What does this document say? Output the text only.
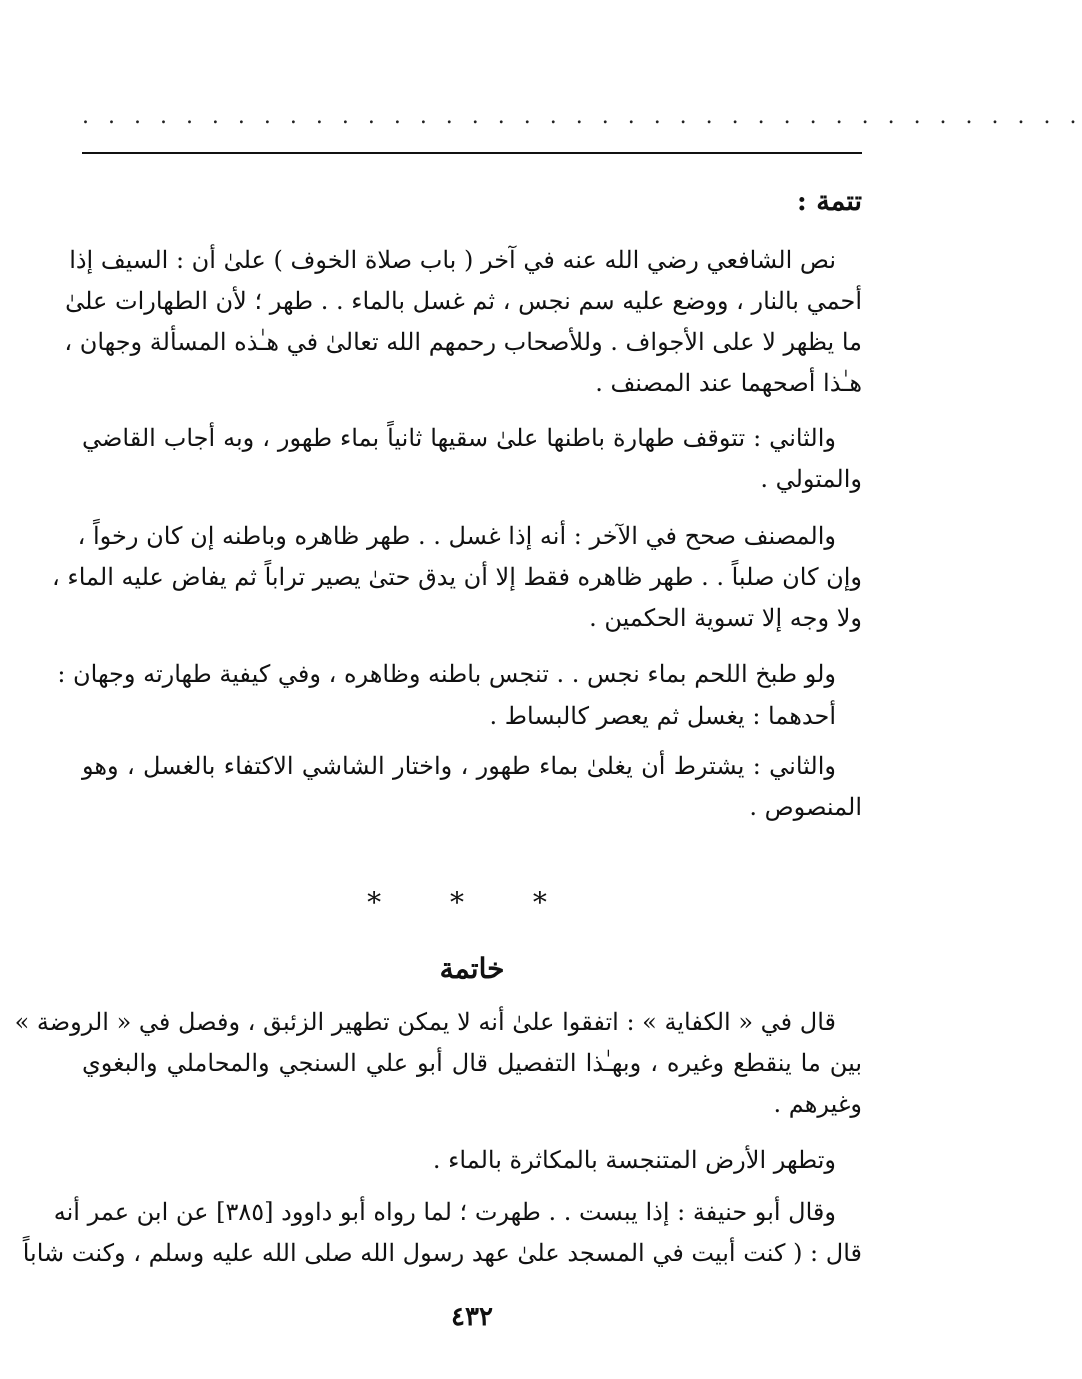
. . . . . . . . . . . . . . . . . . . . . . . . . . . . . . . . . . . . . . .
تتمة :
نص الشافعي رضي الله عنه في آخر ( باب صلاة الخوف ) علىٰ أن : السيف إذا
أحمي بالنار ، ووضع عليه سم نجس ، ثم غسل بالماء . . طهر ؛ لأن الطهارات علىٰ
ما يظهر لا على الأجواف . وللأصحاب رحمهم الله تعالىٰ في هـٰذه المسألة وجهان ،
هـٰذا أصحهما عند المصنف .
والثاني : تتوقف طهارة باطنها علىٰ سقيها ثانياً بماء طهور ، وبه أجاب القاضي
والمتولي .
والمصنف صحح في الآخر : أنه إذا غسل . . طهر ظاهره وباطنه إن كان رخواً ،
وإن كان صلباً . . طهر ظاهره فقط إلا أن يدق حتىٰ يصير تراباً ثم يفاض عليه الماء ،
ولا وجه إلا تسوية الحكمين .
ولو طبخ اللحم بماء نجس . . تنجس باطنه وظاهره ، وفي كيفية طهارته وجهان :
أحدهما : يغسل ثم يعصر كالبساط .
والثاني : يشترط أن يغلىٰ بماء طهور ، واختار الشاشي الاكتفاء بالغسل ، وهو
المنصوص .
* * *
خاتمة
قال في « الكفاية » : اتفقوا علىٰ أنه لا يمكن تطهير الزئبق ، وفصل في « الروضة »
بين ما ينقطع وغيره ، وبهـٰذا التفصيل قال أبو علي السنجي والمحاملي والبغوي
وغيرهم .
وتطهر الأرض المتنجسة بالمكاثرة بالماء .
وقال أبو حنيفة : إذا يبست . . طهرت ؛ لما رواه أبو داوود [٣٨٥] عن ابن عمر أنه
قال : ( كنت أبيت في المسجد علىٰ عهد رسول الله صلى الله عليه وسلم ، وكنت شاباً
٤٣٢
